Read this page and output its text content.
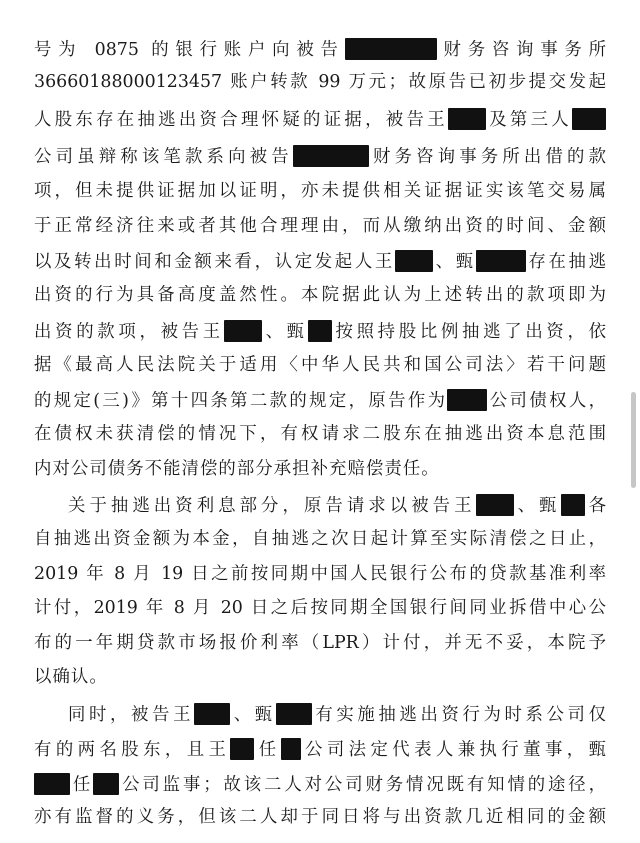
号为 0875 的银行账户向被告	财务咨询事务所
36660188000123457 账户转款 99 万元；故原告已初步提交发起
人股东存在抽逃出资合理怀疑的证据，被告王 及第三人
公司虽辩称该笔款系向被告	财务咨询事务所出借的款
项，但未提供证据加以证明，亦未提供相关证据证实该笔交易属
于正常经济往来或者其他合理理由，而从缴纳出资的时间、金额
以及转出时间和金额来看，认定发起人王 、甄	存在抽逃
出资的行为具备高度盖然性。本院据此认为上述转出的款项即为
出资的款项，被告王 、甄 按照持股比例抽逃了出资，依
据《最高人民法院关于适用〈中华人民共和国公司法〉若干问题
的规定(三)》第十四条第二款的规定，原告作为 公司债权人，
在债权未获清偿的情况下，有权请求二股东在抽逃出资本息范围
内对公司债务不能清偿的部分承担补充赔偿责任。
关于抽逃出资利息部分，原告请求以被告王 、甄 各
自抽逃出资金额为本金，自抽逃之次日起计算至实际清偿之日止，
2019 年 8 月 19 日之前按同期中国人民银行公布的贷款基准利率
计付，2019 年 8 月 20 日之后按同期全国银行间同业拆借中心公
布的一年期贷款市场报价利率（LPR）计付，并无不妥，本院予
以确认。
同时，被告王 、甄 有实施抽逃出资行为时系公司仅
有的两名股东，且王 任 公司法定代表人兼执行董事，甄
任 公司监事；故该二人对公司财务情况既有知情的途径，
亦有监督的义务，但该二人却于同日将与出资款几近相同的金额
